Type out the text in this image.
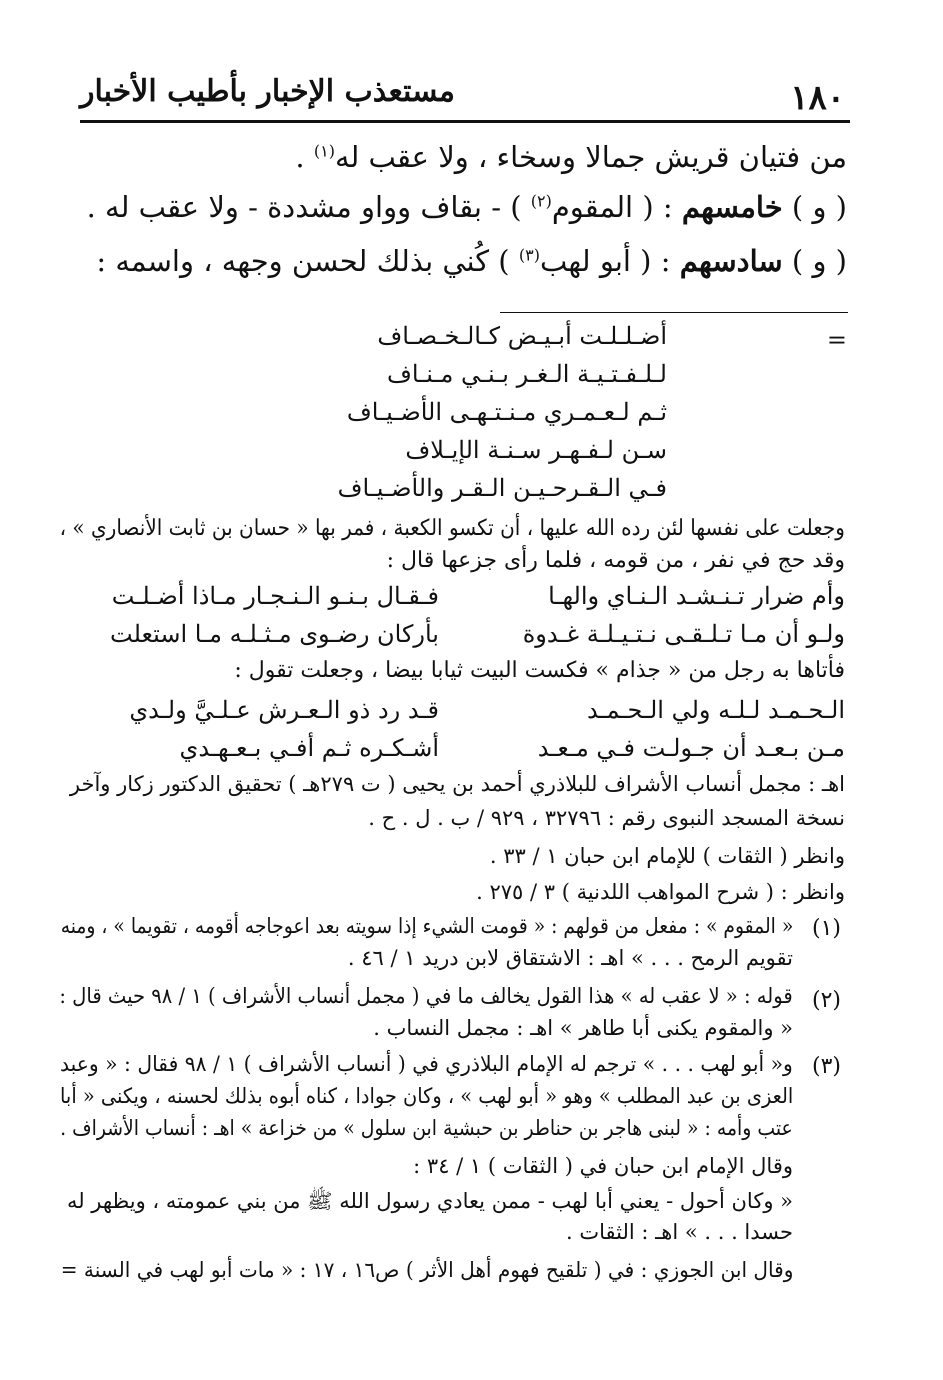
١٨٠
مستعذب الإخبار بأطيب الأخبار
من فتيان قريش جمالا وسخاء ، ولا عقب له$^{(١)}$ .
( و ) خامسهم : ( المقوم$^{(٢)}$ ) - بقاف وواو مشددة - ولا عقب له .
( و ) سادسهم : ( أبو لهب$^{(٣)}$ ) كُني بذلك لحسن وجهه ، واسمه :
=
أضـلـلـت أبـيـض كـالـخـصـاف
لـلـفـتـيـة الـغـر بـنـي مـنـاف
ثـم لـعـمـري مـنـتـهـى الأضـيـاف
سـن لـفـهـر سـنـة الإيـلاف
فـي الـقـرحـيـن الـقـر والأضـيـاف
وجعلت على نفسها لئن رده الله عليها ، أن تكسو الكعبة ، فمر بها « حسان بن ثابت الأنصاري » ،
وقد حج في نفر ، من قومه ، فلما رأى جزعها قال :
وأم ضرار تـنـشـد الـنـاي والهـا
فـقـال بـنـو الـنـجـار مـاذا أضـلـت
ولـو أن مـا تـلـقـى نـتـيـلـة غـدوة
بأركان رضـوى مـثـلـه مـا استعلت
فأتاها به رجل من « جذام » فكست البيت ثيابا بيضا ، وجعلت تقول :
الـحـمـد لـلـه ولي الـحـمـد
قـد رد ذو الـعـرش عـلـيَّ ولـدي
مـن بـعـد أن جـولـت فـي مـعـد
أشـكـره ثـم أفـي بـعـهـدي
اهـ : مجمل أنساب الأشراف للبلاذري أحمد بن يحيى ( ت ٢٧٩هـ ) تحقيق الدكتور زكار وآخر
نسخة المسجد النبوى رقم : ٣٢٧٩٦ ، ٩٢٩ / ب . ل . ح .
وانظر ( الثقات ) للإمام ابن حبان ١ / ٣٣ .
وانظر : ( شرح المواهب اللدنية ) ٣ / ٢٧٥ .
(١)
« المقوم » : مفعل من قولهم : « قومت الشيء إذا سويته بعد اعوجاجه أقومه ، تقويما » ، ومنه
تقويم الرمح . . . » اهـ : الاشتقاق لابن دريد ١ / ٤٦ .
(٢)
قوله : « لا عقب له » هذا القول يخالف ما في ( مجمل أنساب الأشراف ) ١ / ٩٨ حيث قال :
« والمقوم يكنى أبا طاهر » اهـ : مجمل النساب .
(٣)
و« أبو لهب . . . » ترجم له الإمام البلاذري في ( أنساب الأشراف ) ١ / ٩٨ فقال : « وعبد
العزى بن عبد المطلب » وهو « أبو لهب » ، وكان جوادا ، كناه أبوه بذلك لحسنه ، ويكنى « أبا
عتب وأمه : « لبنى هاجر بن حناطر بن حبشية ابن سلول » من خزاعة » اهـ : أنساب الأشراف .
وقال الإمام ابن حبان في ( الثقات ) ١ / ٣٤ :
« وكان أحول - يعني أبا لهب - ممن يعادي رسول الله ﷺ من بني عمومته ، ويظهر له
حسدا . . . » اهـ : الثقات .
وقال ابن الجوزي : في ( تلقيح فهوم أهل الأثر ) ص١٦ ، ١٧ : « مات أبو لهب في السنة =
